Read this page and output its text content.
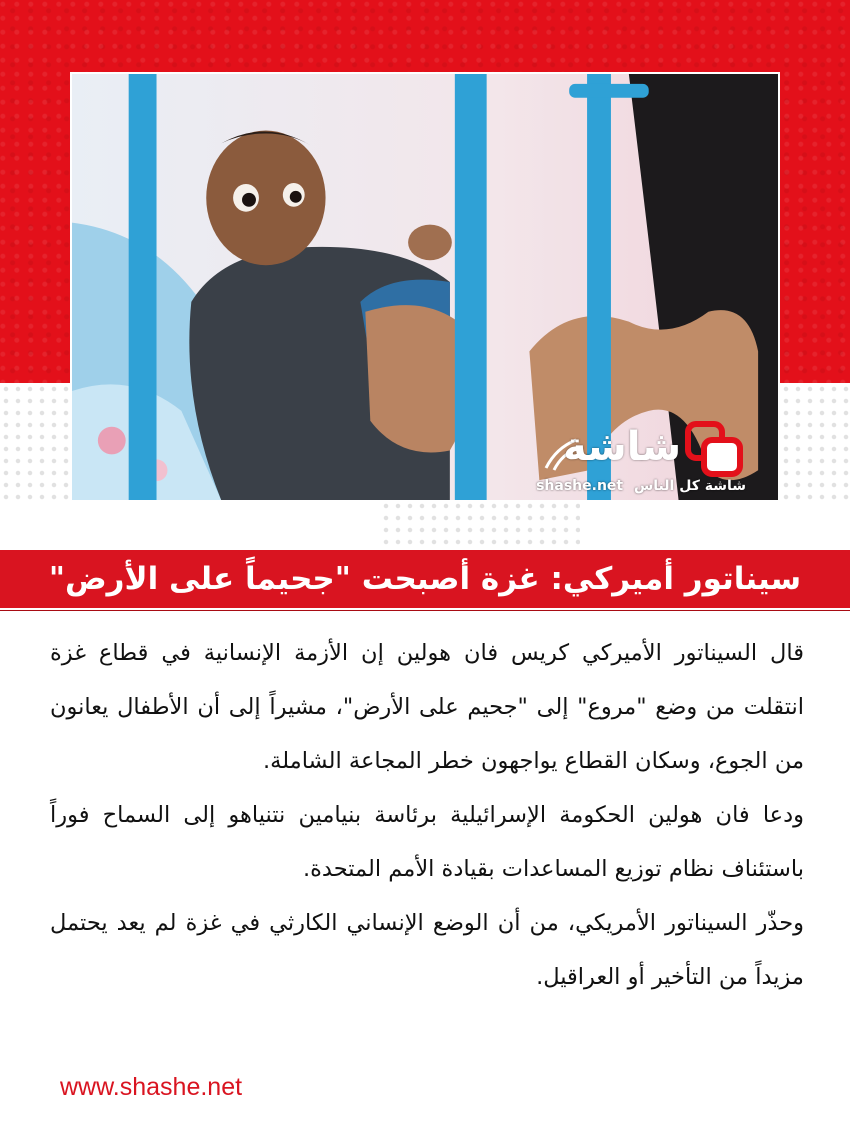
شاشة
shashe.net شاشة كل الناس
سيناتور أميركي: غزة أصبحت "جحيماً على الأرض"

قال السيناتور الأميركي كريس فان هولين إن الأزمة الإنسانية في قطاع غزة انتقلت من وضع "مروع" إلى "جحيم على الأرض"، مشيراً إلى أن الأطفال يعانون من الجوع، وسكان القطاع يواجهون خطر المجاعة الشاملة.

ودعا فان هولين الحكومة الإسرائيلية برئاسة بنيامين نتنياهو إلى السماح فوراً باستئناف نظام توزيع المساعدات بقيادة الأمم المتحدة.

وحذّر السيناتور الأمريكي، من أن الوضع الإنساني الكارثي في غزة لم يعد يحتمل مزيداً من التأخير أو العراقيل.

www.shashe.net
